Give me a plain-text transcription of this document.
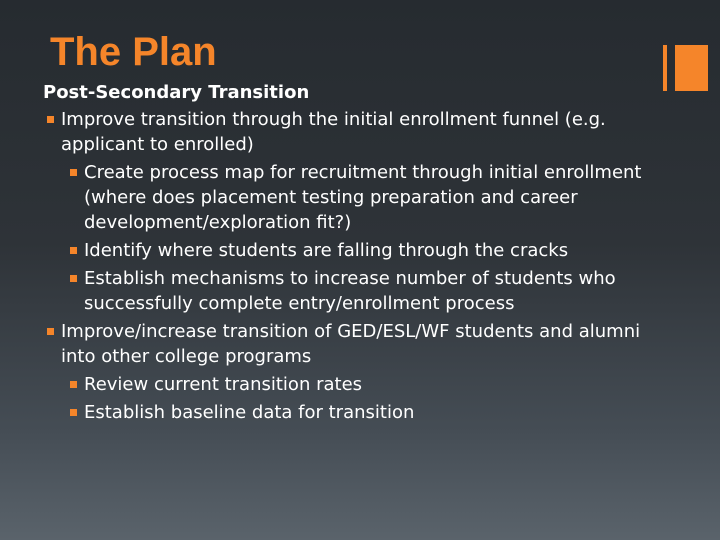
The Plan
Post-Secondary Transition
Improve transition through the initial enrollment funnel (e.g. applicant to enrolled)
Create process map for recruitment through initial enrollment (where does placement testing preparation and career development/exploration fit?)
Identify where students are falling through the cracks
Establish mechanisms to increase number of students who successfully complete entry/enrollment process
Improve/increase transition of GED/ESL/WF students and alumni into other college programs
Review current transition rates
Establish baseline data for transition
